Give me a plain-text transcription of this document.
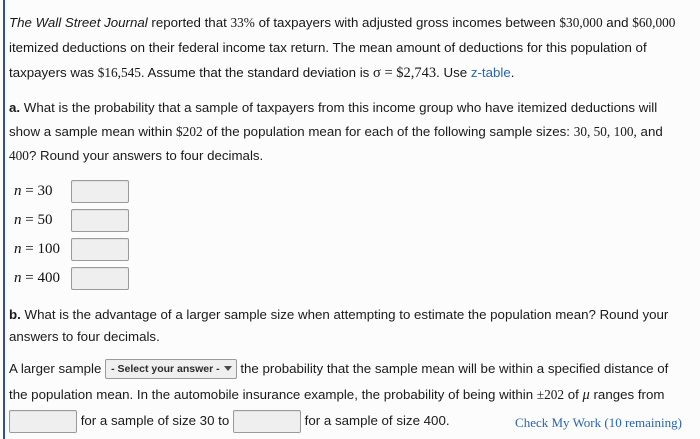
The Wall Street Journal reported that 33% of taxpayers with adjusted gross incomes between $30,000 and $60,000 itemized deductions on their federal income tax return. The mean amount of deductions for this population of taxpayers was $16,545. Assume that the standard deviation is σ = $2,743. Use z-table.
a. What is the probability that a sample of taxpayers from this income group who have itemized deductions will show a sample mean within $202 of the population mean for each of the following sample sizes: 30, 50, 100, and 400? Round your answers to four decimals.
n = 30
n = 50
n = 100
n = 400
b. What is the advantage of a larger sample size when attempting to estimate the population mean? Round your answers to four decimals.
A larger sample - Select your answer - the probability that the sample mean will be within a specified distance of the population mean. In the automobile insurance example, the probability of being within ±202 of μ ranges from  for a sample of size 30 to	for a sample of size 400.	Check My Work (10 remaining)
